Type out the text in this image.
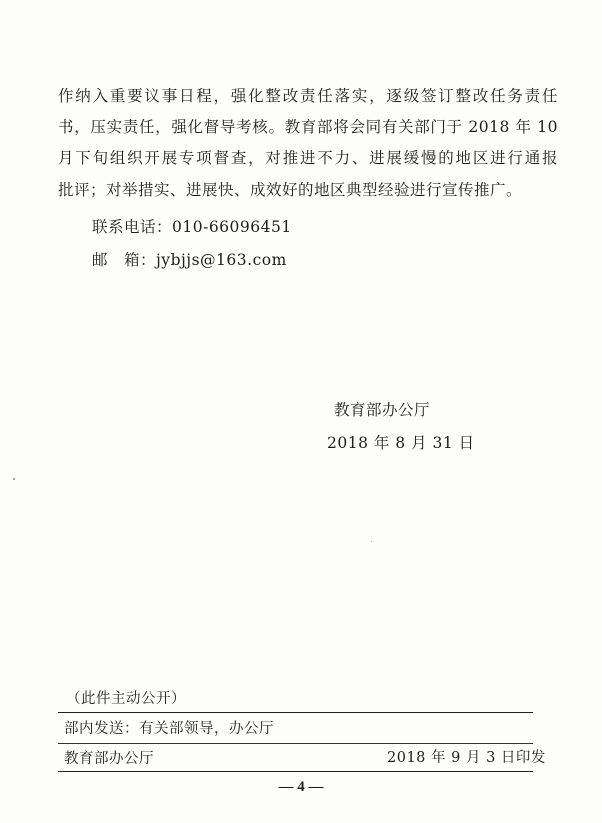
作纳入重要议事日程，强化整改责任落实，逐级签订整改任务责任
书，压实责任，强化督导考核。教育部将会同有关部门于 2018 年 10
月下旬组织开展专项督查，对推进不力、进展缓慢的地区进行通报
批评；对举措实、进展快、成效好的地区典型经验进行宣传推广。
联系电话：010-66096451
邮　箱：jybjjs@163.com
教育部办公厅
2018 年 8 月 31 日
（此件主动公开）
部内发送：有关部领导，办公厅
教育部办公厅	2018 年 9 月 3 日印发
— 4 —
